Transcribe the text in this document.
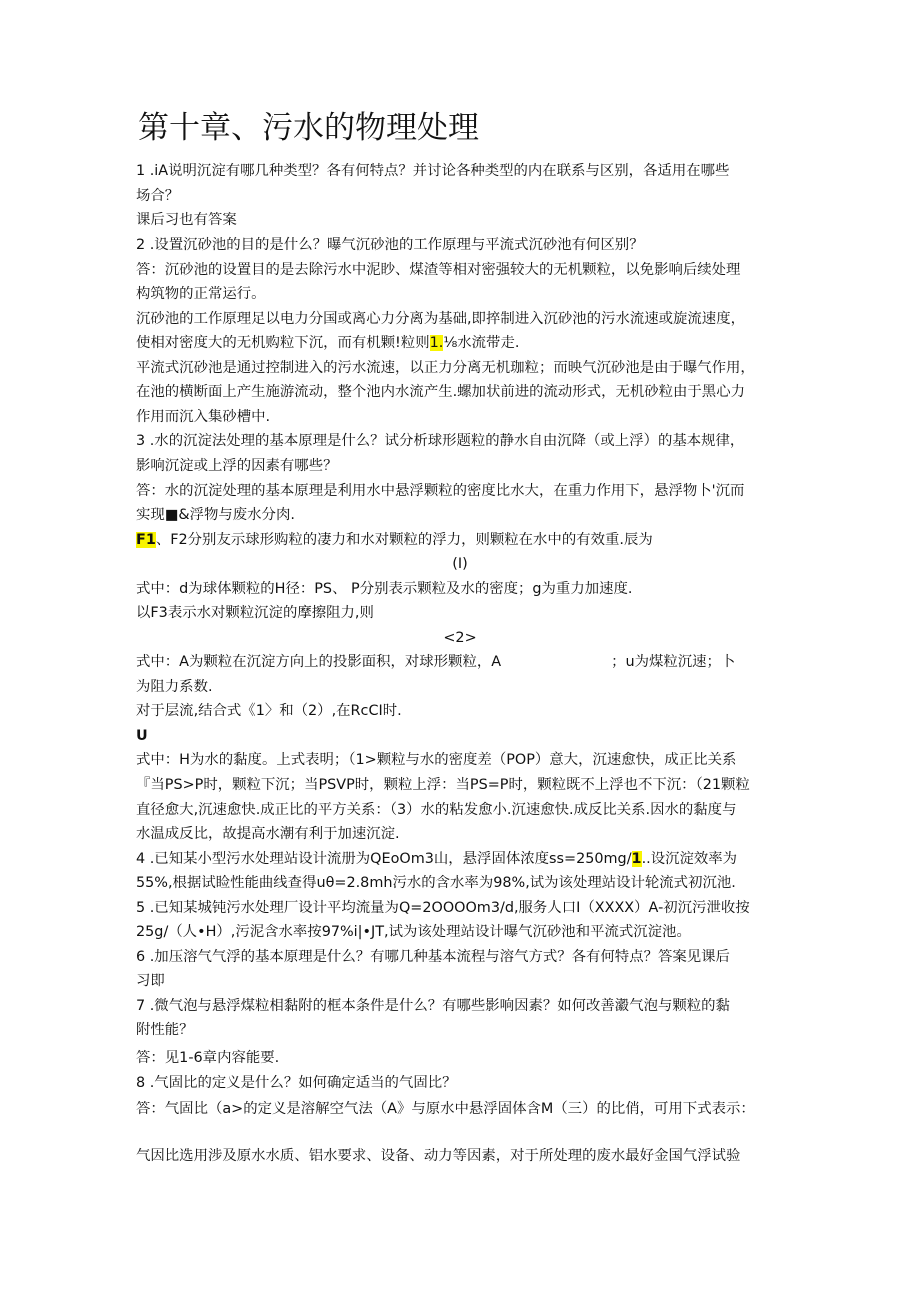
第十章、污水的物理处理
1 .iA说明沉淀有哪几种类型？各有何特点？并讨论各种类型的内在联系与区别，各适用在哪些
场合？
课后习也有答案
2 .设置沉砂池的目的是什么？曝气沉砂池的工作原理与平流式沉砂池有何区别？
答：沉砂池的设置目的是去除污水中泥眇、煤渣等相对密强较大的无机颗粒，以免影响后续处理
构筑物的正常运行。
沉砂池的工作原理足以电力分国或离心力分离为基础,即捽制进入沉砂池的污水流速或旋流速度，
使相对密度大的无机购粒下沉，而有机颗!粒则1.⅛水流带走.
平流式沉砂池是通过控制进入的污水流速，以正力分离无机珈粒；而映气沉砂池是由于曝气作用，
在池的横断面上产生施游流动，整个池内水流产生.螺加状前进的流动形式，无机砂粒由于黑心力
作用而沉入集砂槽中.
3 .水的沉淀法处理的基本原理是什么？试分析球形题粒的静水自由沉降（或上浮）的基本规律，
影响沉淀或上浮的因素有哪些？
答：水的沉淀处理的基本原理是利用水中悬浮颗粒的密度比水大，在重力作用下，悬浮物卜'沉而
实现■&浮物与废水分肉.
F1、F2分别友示球形购粒的凄力和水对颗粒的浮力，则颗粒在水中的有效重.辰为
(I)
式中：d为球体颗粒的H径：PS、 P分别表示颗粒及水的密度；g为重力加速度.
以F3表示水对颗粒沉淀的摩擦阻力,则
<2>
式中：A为颗粒在沉淀方向上的投影面积，对球形颗粒，A	；u为煤粒沉速；卜
为阻力系数.
对于层流,结合式《1〉和（2）,在RcCI时.
U
式中：H为水的黏度。上式表明；（1>颗粒与水的密度差（POP）意大，沉速愈快，成正比关系
『当PS>P时，颗粒下沉；当PSVP时，颗粒上浮：当PS=P时，颗粒既不上浮也不下沉：（21颗粒
直径愈大,沉速愈快.成正比的平方关系：（3）水的粘发愈小.沉速愈快.成反比关系.因水的黏度与
水温成反比，故提高水潮有利于加速沉淀.
4 .已知某小型污水处理站设计流册为QEoOm3山，悬浮固体浓度ss=250mg/1..设沉淀效率为
55%,根据试睑性能曲线查得uθ=2.8mh污水的含水率为98%,试为该处理站设计轮流式初沉池.
5 .已知某城钝污水处理厂设计平均流量为Q=2OOOOm3/d,服务人口I（XXXX）A-初沉污泄收按
25g/（人•H）,污泥含水率按97%i|•JT,试为该处理站设计曝气沉砂池和平流式沉淀池。
6 .加压溶气气浮的基本原理是什么？有哪几种基本流程与溶气方式？各有何特点？答案见课后
习即
7 .微气泡与悬浮煤粒相黏附的框本条件是什么？有哪些影响因素？如何改善瀫气泡与颗粒的黏
附性能？
答：见1-6章内容能要.
8 .气固比的定义是什么？如何确定适当的气固比？
答：气固比（a>的定义是溶解空气法（A》与原水中悬浮固体含M（三）的比俏，可用下式表示：
气因比选用涉及原水水质、铝水要求、设备、动力等因素，对于所处理的废水最好金国气浮试验
